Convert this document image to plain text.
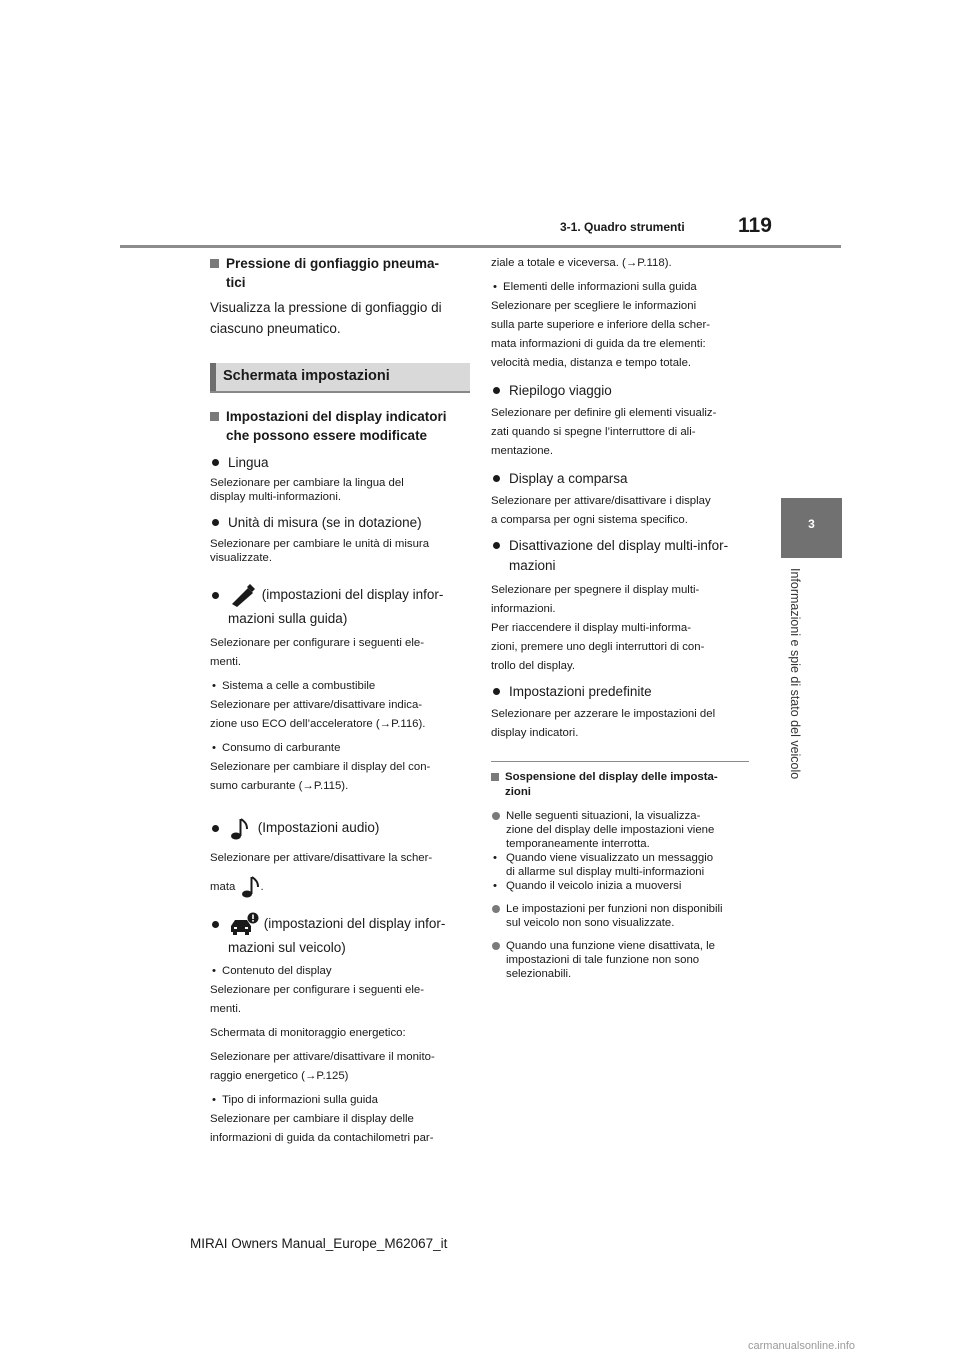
3-1. Quadro strumenti	119
3
Informazioni e spie di stato del veicolo
Pressione di gonfiaggio pneuma-
tici
Visualizza la pressione di gonfiaggio di
ciascuno pneumatico.
Schermata impostazioni
Impostazioni del display indicatori
che possono essere modificate
Lingua
Selezionare per cambiare la lingua del
display multi-informazioni.
Unità di misura (se in dotazione)
Selezionare per cambiare le unità di misura
visualizzate.
(impostazioni del display infor-
mazioni sulla guida)
Selezionare per configurare i seguenti ele-
menti.
• Sistema a celle a combustibile
Selezionare per attivare/disattivare indica-
zione uso ECO dell’acceleratore (→P.116).
• Consumo di carburante
Selezionare per cambiare il display del con-
sumo carburante (→P.115).
(Impostazioni audio)
Selezionare per attivare/disattivare la scher-
mata .
(impostazioni del display infor-
mazioni sul veicolo)
• Contenuto del display
Selezionare per configurare i seguenti ele-
menti.
Schermata di monitoraggio energetico:
Selezionare per attivare/disattivare il monito-
raggio energetico (→P.125)
• Tipo di informazioni sulla guida
Selezionare per cambiare il display delle
informazioni di guida da contachilometri par-
ziale a totale e viceversa. (→P.118).
• Elementi delle informazioni sulla guida
Selezionare per scegliere le informazioni
sulla parte superiore e inferiore della scher-
mata informazioni di guida da tre elementi:
velocità media, distanza e tempo totale.
Riepilogo viaggio
Selezionare per definire gli elementi visualiz-
zati quando si spegne l’interruttore di ali-
mentazione.
Display a comparsa
Selezionare per attivare/disattivare i display
a comparsa per ogni sistema specifico.
Disattivazione del display multi-infor-
mazioni
Selezionare per spegnere il display multi-
informazioni.
Per riaccendere il display multi-informa-
zioni, premere uno degli interruttori di con-
trollo del display.
Impostazioni predefinite
Selezionare per azzerare le impostazioni del
display indicatori.
Sospensione del display delle imposta-
zioni
Nelle seguenti situazioni, la visualizza-
zione del display delle impostazioni viene
temporaneamente interrotta.
• Quando viene visualizzato un messaggio
di allarme sul display multi-informazioni
• Quando il veicolo inizia a muoversi
Le impostazioni per funzioni non disponibili
sul veicolo non sono visualizzate.
Quando una funzione viene disattivata, le
impostazioni di tale funzione non sono
selezionabili.
MIRAI Owners Manual_Europe_M62067_it
carmanualsonline.info
